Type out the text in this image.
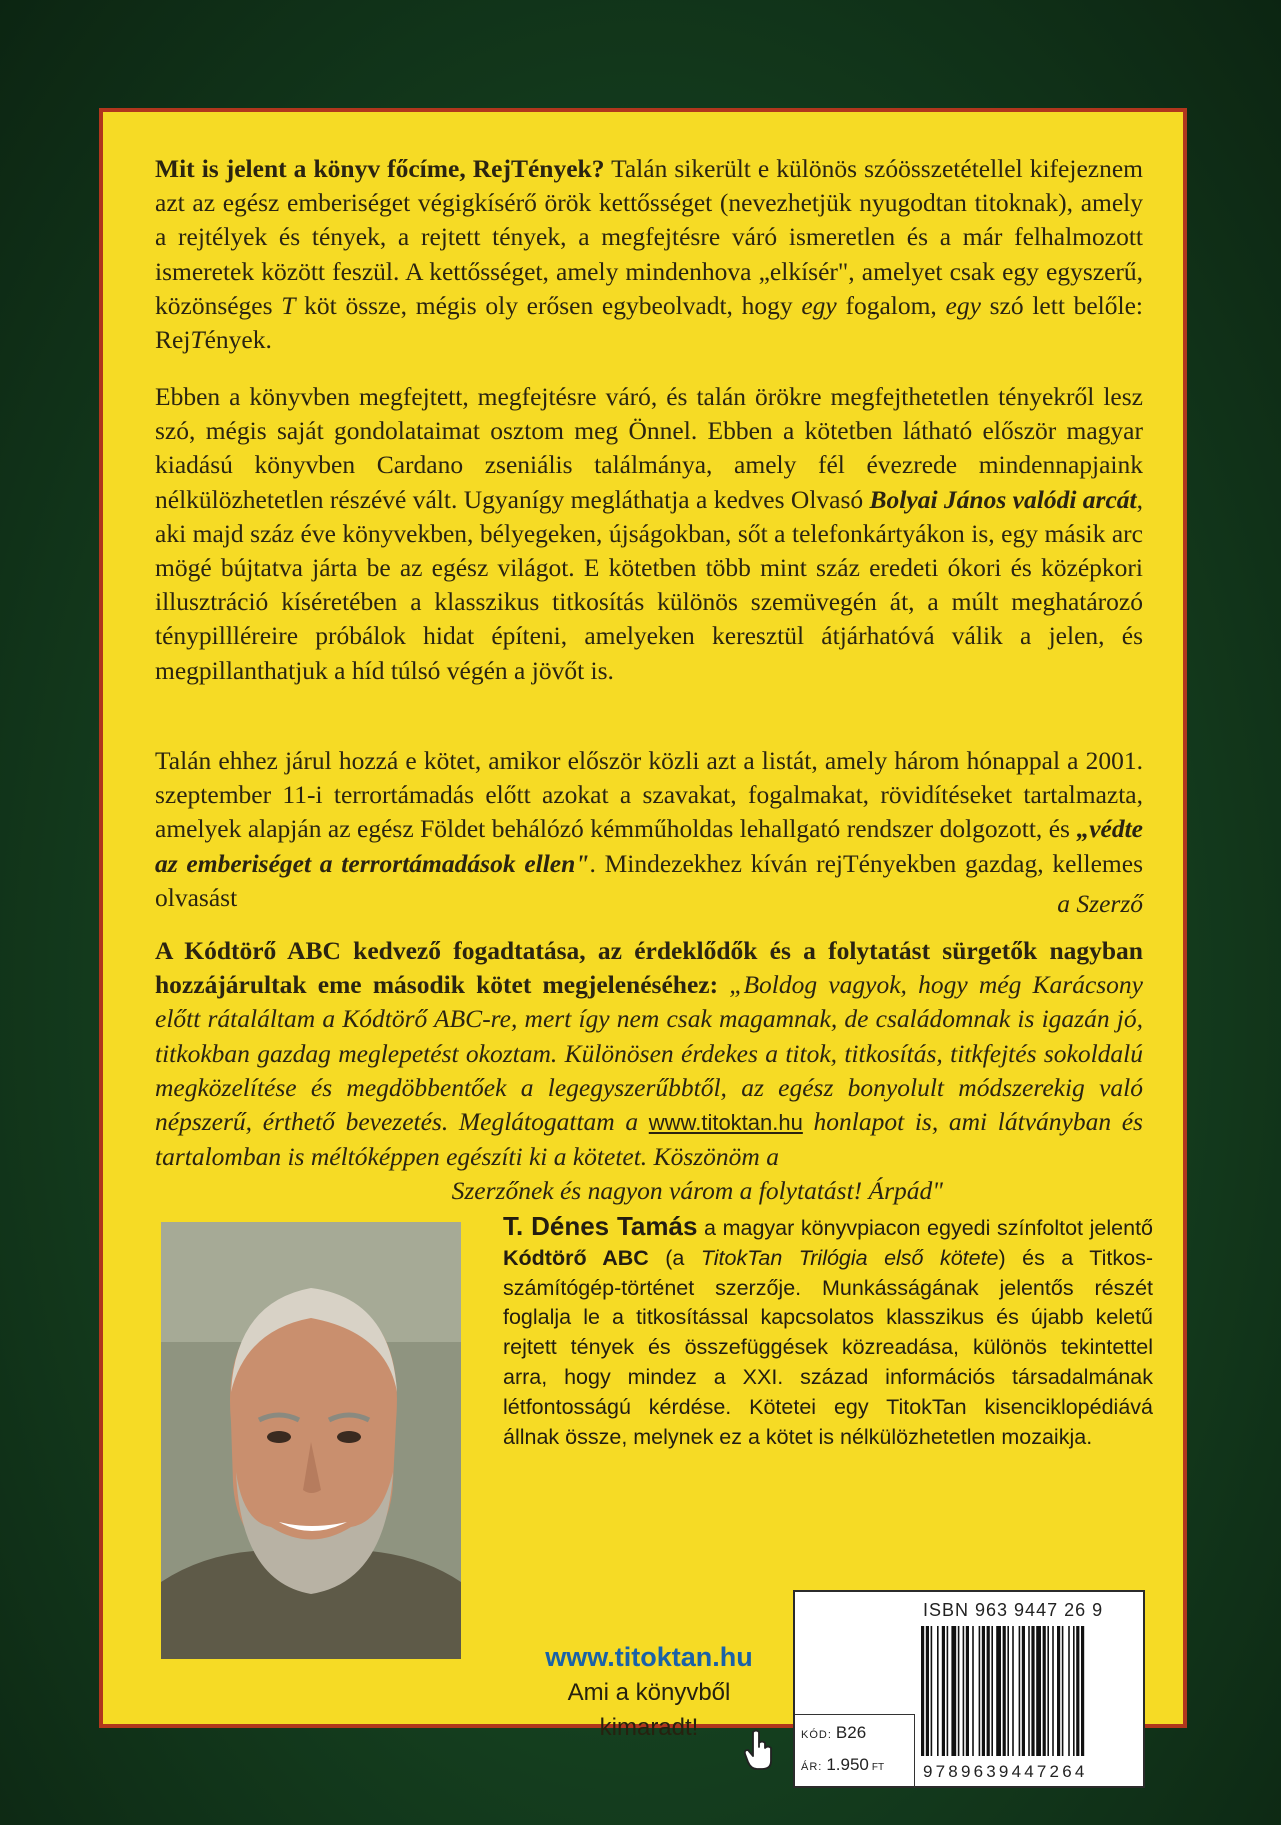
Mit is jelent a könyv főcíme, RejTények? Talán sikerült e különös szóösszetétellel kifejeznem azt az egész emberiséget végigkísérő örök kettősséget (nevezhetjük nyugodtan titoknak), amely a rejtélyek és tények, a rejtett tények, a megfejtésre váró ismeretlen és a már felhalmozott ismeretek között feszül. A kettősséget, amely mindenhova „elkísér", amelyet csak egy egyszerű, közönséges T köt össze, mégis oly erősen egybeolvadt, hogy egy fogalom, egy szó lett belőle: RejTények.

Ebben a könyvben megfejtett, megfejtésre váró, és talán örökre megfejthetetlen tényekről lesz szó, mégis saját gondolataimat osztom meg Önnel. Ebben a kötetben látható először magyar kiadású könyvben Cardano zseniális találmánya, amely fél évezrede mindennapjaink nélkülözhetetlen részévé vált. Ugyanígy megláthatja a kedves Olvasó Bolyai János valódi arcát, aki majd száz éve könyvekben, bélyegeken, újságokban, sőt a telefonkártyákon is, egy másik arc mögé bújtatva járta be az egész világot. E kötetben több mint száz eredeti ókori és középkori illusztráció kíséretében a klasszikus titkosítás különös szemüvegén át, a múlt meghatározó ténypillléreire próbálok hidat építeni, amelyeken keresztül átjárhatóvá válik a jelen, és megpillanthatjuk a híd túlsó végén a jövőt is.

Talán ehhez járul hozzá e kötet, amikor először közli azt a listát, amely három hónappal a 2001. szeptember 11-i terrortámadás előtt azokat a szavakat, fogalmakat, rövidítéseket tartalmazta, amelyek alapján az egész Földet behálózó kémműholdas lehallgató rendszer dolgozott, és „védte az emberiséget a terrortámadások ellen". Mindezekhez kíván rejTényekben gazdag, kellemes olvasást	a Szerző

A Kódtörő ABC kedvező fogadtatása, az érdeklődők és a folytatást sürgetők nagyban hozzájárultak eme második kötet megjelenéséhez: „Boldog vagyok, hogy még Karácsony előtt rátaláltam a Kódtörő ABC-re, mert így nem csak magamnak, de családomnak is igazán jó, titkokban gazdag meglepetést okoztam. Különösen érdekes a titok, titkosítás, titkfejtés sokoldalú megközelítése és megdöbbentőek a legegyszerűbbtől, az egész bonyolult módszerekig való népszerű, érthető bevezetés. Meglátogattam a www.titoktan.hu honlapot is, ami látványban és tartalomban is méltóképpen egészíti ki a kötetet. Köszönöm a
Szerzőnek és nagyon várom a folytatást! Árpád"

T. Dénes Tamás a magyar könyvpiacon egyedi színfoltot jelentő Kódtörő ABC (a TitokTan Trilógia első kötete) és a Titkos-számítógép-történet szerzője. Munkásságának jelentős részét foglalja le a titkosítással kapcsolatos klasszikus és újabb keletű rejtett tények és összefüggések közreadása, különös tekintettel arra, hogy mindez a XXI. század információs társadalmának létfontosságú kérdése. Kötetei egy TitokTan kisenciklopédiává állnak össze, melynek ez a kötet is nélkülözhetetlen mozaikja.

www.titoktan.hu
Ami a könyvből
kimaradt!
ISBN 963 9447 26 9
KÓD: B26
ÁR: 1.950 FT 9789639447264
